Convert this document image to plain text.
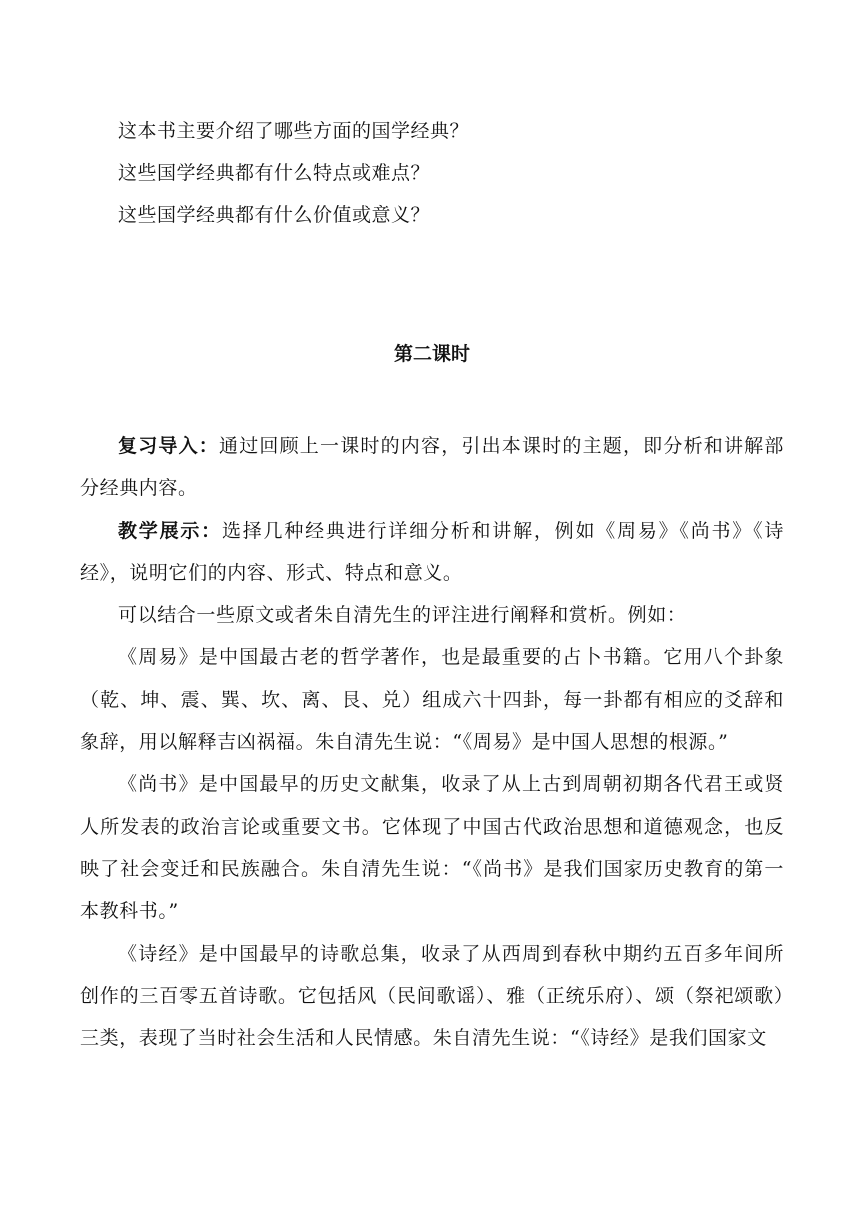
这本书主要介绍了哪些方面的国学经典？
这些国学经典都有什么特点或难点？
这些国学经典都有什么价值或意义？
第二课时

复习导入：通过回顾上一课时的内容，引出本课时的主题，即分析和讲解部分经典内容。

教学展示：选择几种经典进行详细分析和讲解，例如《周易》《尚书》《诗经》，说明它们的内容、形式、特点和意义。

可以结合一些原文或者朱自清先生的评注进行阐释和赏析。例如：

《周易》是中国最古老的哲学著作，也是最重要的占卜书籍。它用八个卦象（乾、坤、震、巽、坎、离、艮、兑）组成六十四卦，每一卦都有相应的爻辞和象辞，用以解释吉凶祸福。朱自清先生说：“《周易》是中国人思想的根源。”

《尚书》是中国最早的历史文献集，收录了从上古到周朝初期各代君王或贤人所发表的政治言论或重要文书。它体现了中国古代政治思想和道德观念，也反映了社会变迁和民族融合。朱自清先生说：“《尚书》是我们国家历史教育的第一本教科书。”

《诗经》是中国最早的诗歌总集，收录了从西周到春秋中期约五百多年间所创作的三百零五首诗歌。它包括风（民间歌谣）、雅（正统乐府）、颂（祭祀颂歌）三类，表现了当时社会生活和人民情感。朱自清先生说：“《诗经》是我们国家文
